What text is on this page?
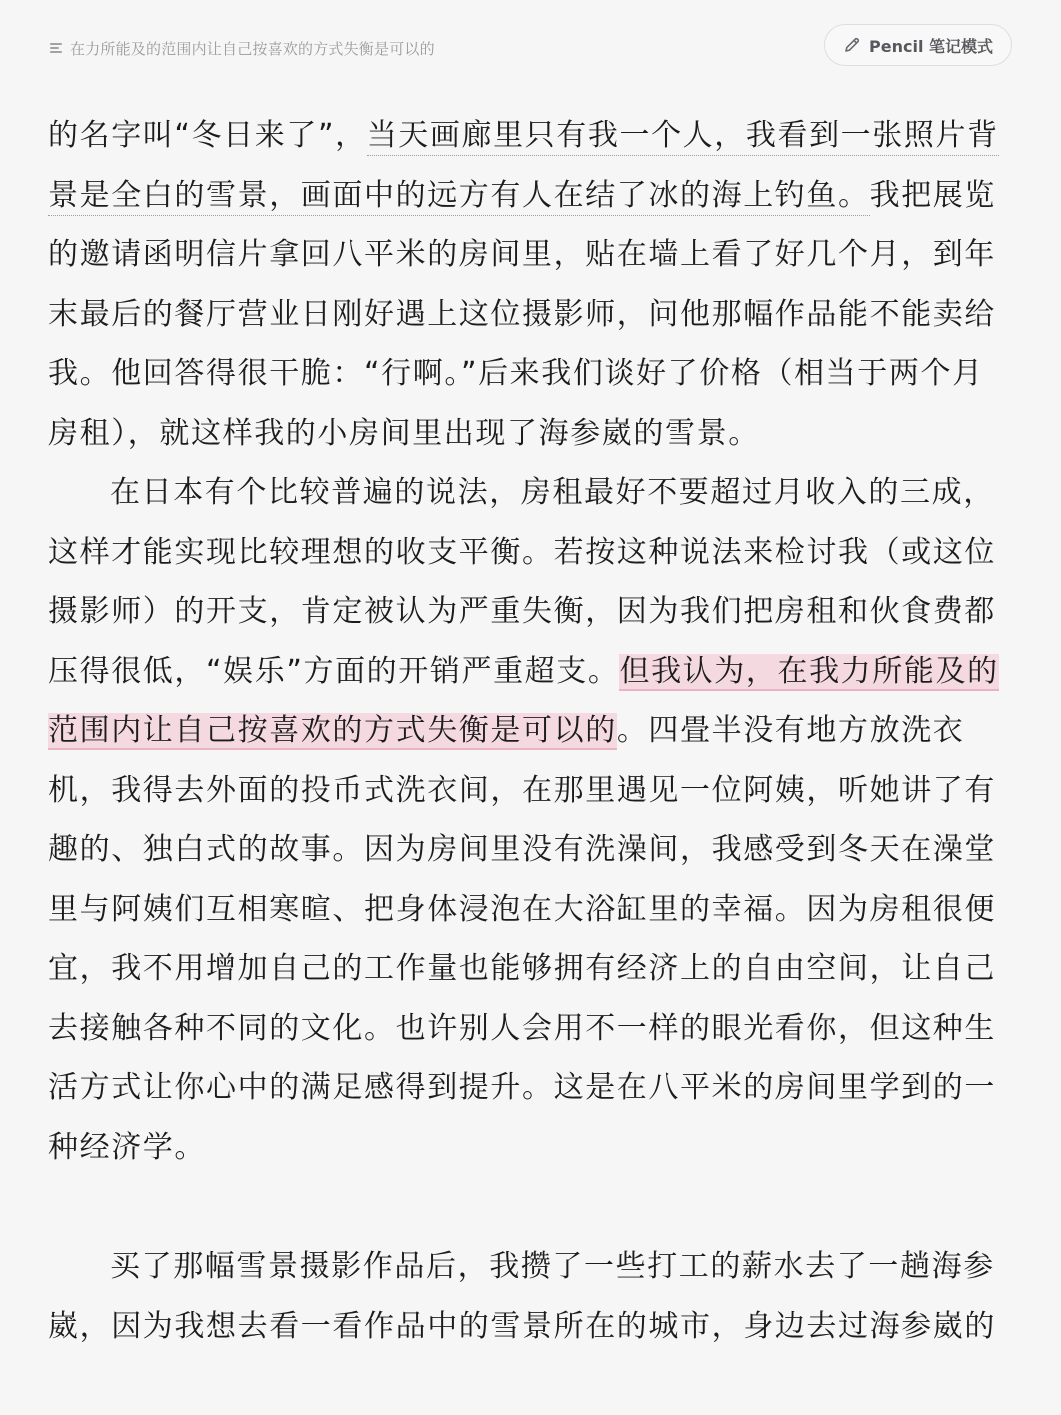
在力所能及的范围内让自己按喜欢的方式失衡是可以的	Pencil 笔记模式
的名字叫“冬日来了”，当天画廊里只有我一个人，我看到一张照片背
景是全白的雪景，画面中的远方有人在结了冰的海上钓鱼。我把展览
的邀请函明信片拿回八平米的房间里，贴在墙上看了好几个月，到年
末最后的餐厅营业日刚好遇上这位摄影师，问他那幅作品能不能卖给
我。他回答得很干脆：“行啊。”后来我们谈好了价格（相当于两个月
房租），就这样我的小房间里出现了海参崴的雪景。
在日本有个比较普遍的说法，房租最好不要超过月收入的三成，
这样才能实现比较理想的收支平衡。若按这种说法来检讨我（或这位
摄影师）的开支，肯定被认为严重失衡，因为我们把房租和伙食费都
压得很低，“娱乐”方面的开销严重超支。但我认为，在我力所能及的
范围内让自己按喜欢的方式失衡是可以的。四畳半没有地方放洗衣
机，我得去外面的投币式洗衣间，在那里遇见一位阿姨，听她讲了有
趣的、独白式的故事。因为房间里没有洗澡间，我感受到冬天在澡堂
里与阿姨们互相寒暄、把身体浸泡在大浴缸里的幸福。因为房租很便
宜，我不用增加自己的工作量也能够拥有经济上的自由空间，让自己
去接触各种不同的文化。也许别人会用不一样的眼光看你，但这种生
活方式让你心中的满足感得到提升。这是在八平米的房间里学到的一
种经济学。
买了那幅雪景摄影作品后，我攒了一些打工的薪水去了一趟海参
崴，因为我想去看一看作品中的雪景所在的城市，身边去过海参崴的
